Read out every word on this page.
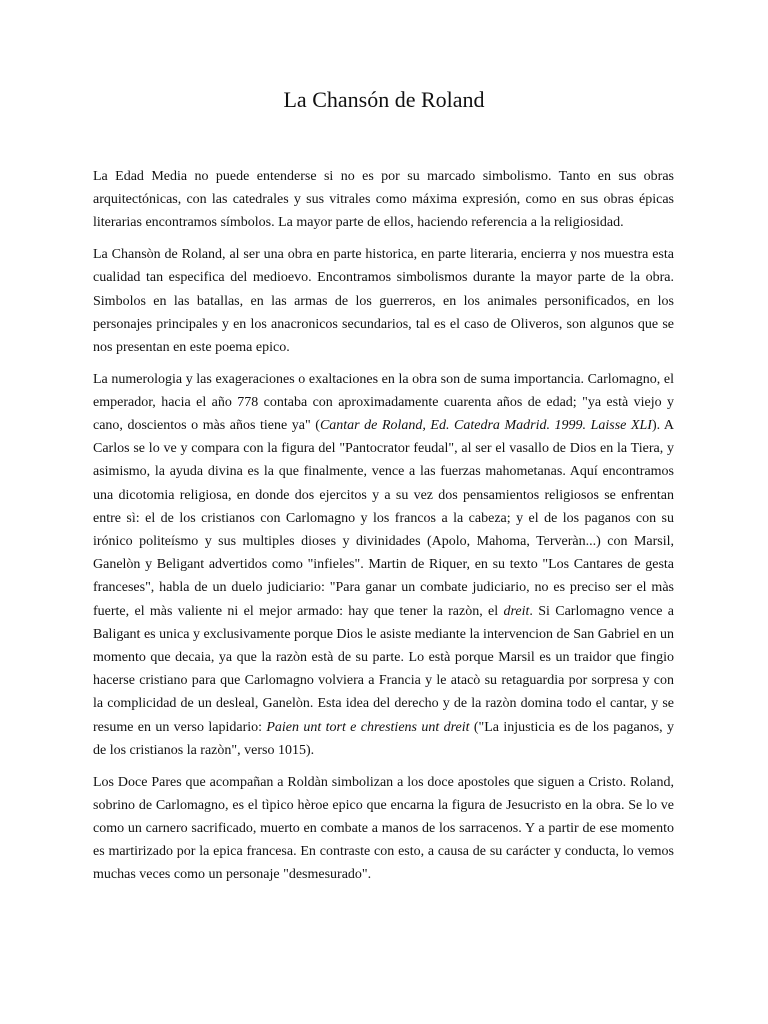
La Chansón de Roland

La Edad Media no puede entenderse si no es por su marcado simbolismo. Tanto en sus obras arquitectónicas, con las catedrales y sus vitrales como máxima expresión, como en sus obras épicas literarias encontramos símbolos. La mayor parte de ellos, haciendo referencia a la religiosidad.

La Chansòn de Roland, al ser una obra en parte historica, en parte literaria, encierra y nos muestra esta cualidad tan especifica del medioevo. Encontramos simbolismos durante la mayor parte de la obra. Simbolos en las batallas, en las armas de los guerreros, en los animales personificados, en los personajes principales y en los anacronicos secundarios, tal es el caso de Oliveros, son algunos que se nos presentan en este poema epico.

La numerologia y las exageraciones o exaltaciones en la obra son de suma importancia. Carlomagno, el emperador, hacia el año 778 contaba con aproximadamente cuarenta años de edad; "ya està viejo y cano, doscientos o màs años tiene ya" (Cantar de Roland, Ed. Catedra Madrid. 1999. Laisse XLI). A Carlos se lo ve y compara con la figura del "Pantocrator feudal", al ser el vasallo de Dios en la Tiera, y asimismo, la ayuda divina es la que finalmente, vence a las fuerzas mahometanas. Aquí encontramos una dicotomia religiosa, en donde dos ejercitos y a su vez dos pensamientos religiosos se enfrentan entre sì: el de los cristianos con Carlomagno y los francos a la cabeza; y el de los paganos con su irónico politeísmo y sus multiples dioses y divinidades (Apolo, Mahoma, Terveràn...) con Marsil, Ganelòn y Beligant advertidos como "infieles". Martin de Riquer, en su texto "Los Cantares de gesta franceses", habla de un duelo judiciario: "Para ganar un combate judiciario, no es preciso ser el màs fuerte, el màs valiente ni el mejor armado: hay que tener la razòn, el dreit. Si Carlomagno vence a Baligant es unica y exclusivamente porque Dios le asiste mediante la intervencion de San Gabriel en un momento que decaia, ya que la razòn està de su parte. Lo està porque Marsil es un traidor que fingio hacerse cristiano para que Carlomagno volviera a Francia y le atacò su retaguardia por sorpresa y con la complicidad de un desleal, Ganelòn. Esta idea del derecho y de la razòn domina todo el cantar, y se resume en un verso lapidario: Paien unt tort e chrestiens unt dreit ("La injusticia es de los paganos, y de los cristianos la razòn", verso 1015).

Los Doce Pares que acompañan a Roldàn simbolizan a los doce apostoles que siguen a Cristo. Roland, sobrino de Carlomagno, es el tìpico hèroe epico que encarna la figura de Jesucristo en la obra. Se lo ve como un carnero sacrificado, muerto en combate a manos de los sarracenos. Y a partir de ese momento es martirizado por la epica francesa. En contraste con esto, a causa de su carácter y conducta, lo vemos muchas veces como un personaje "desmesurado".
